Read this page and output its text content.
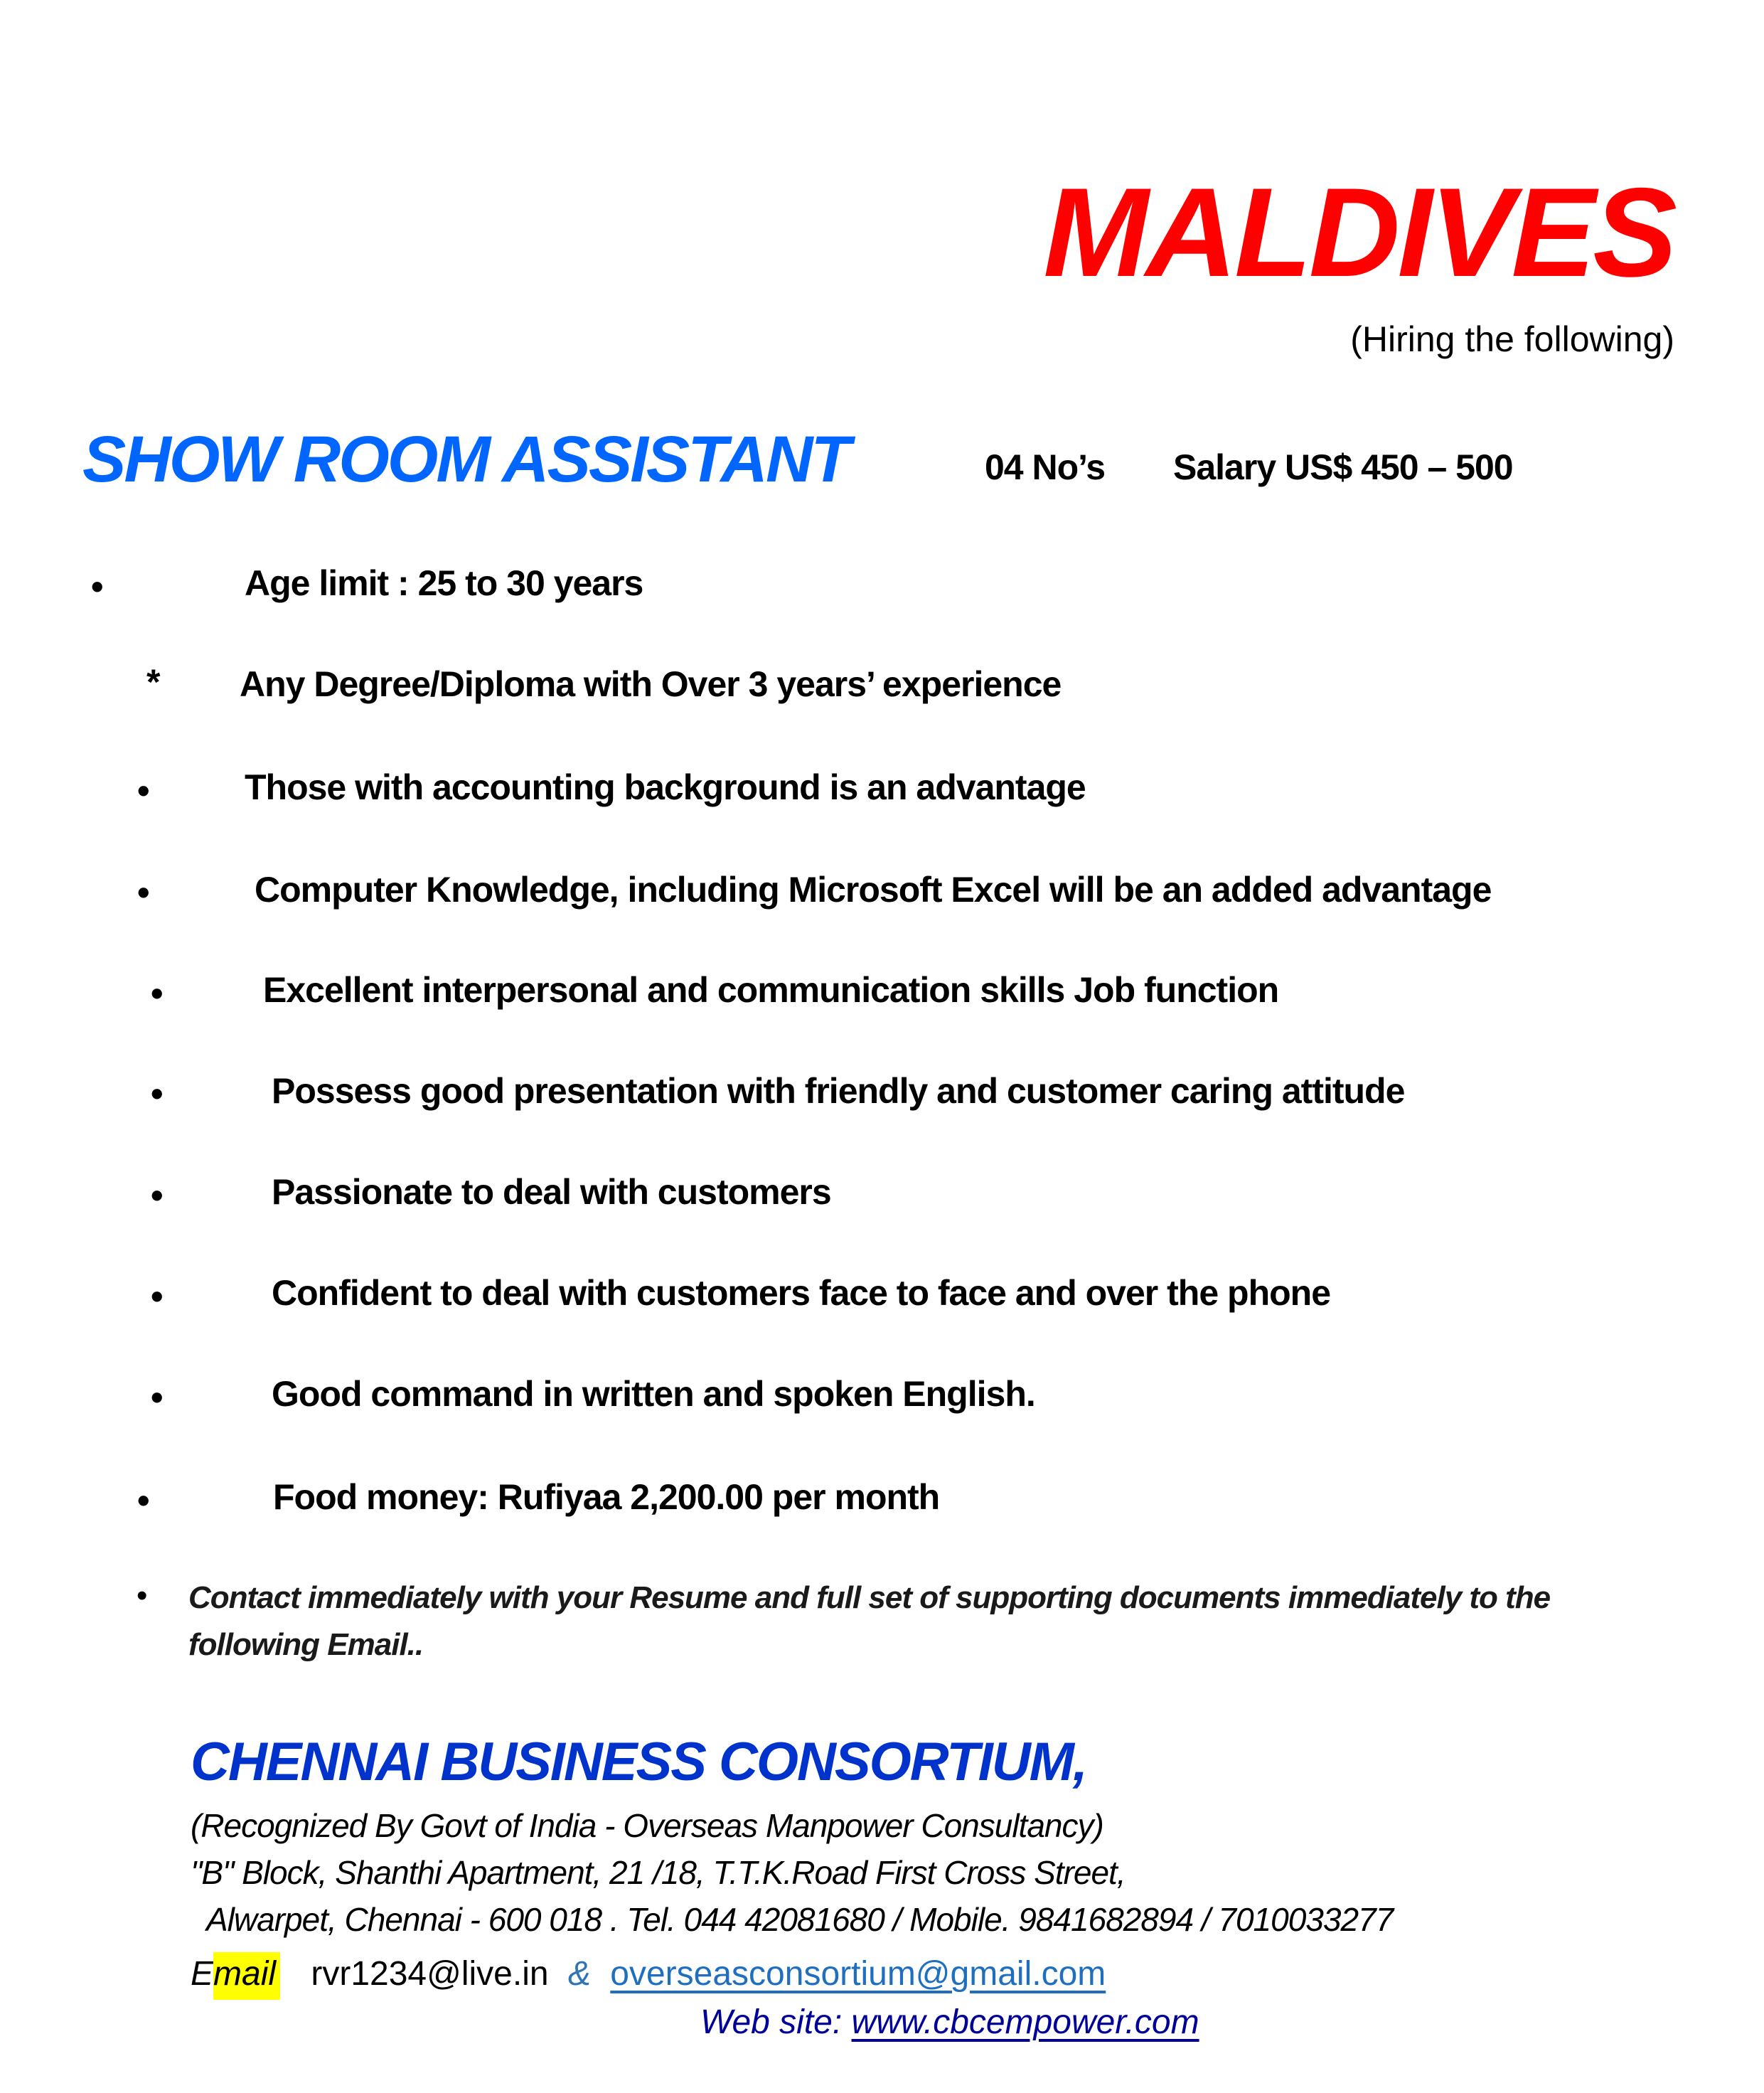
MALDIVES
(Hiring the following)
SHOW ROOM ASSISTANT	04 No’s Salary US$ 450 – 500
•	Age limit : 25 to 30 years
* Any Degree/Diploma with Over 3 years’ experience
•	Those with accounting background is an advantage
•	Computer Knowledge, including Microsoft Excel will be an added advantage
•	Excellent interpersonal and communication skills Job function
•	Possess good presentation with friendly and customer caring attitude
•	Passionate to deal with customers
•	Confident to deal with customers face to face and over the phone
•	Good command in written and spoken English.
•	Food money: Rufiyaa 2,200.00 per month
• Contact immediately with your Resume and full set of supporting documents immediately to the following Email..
CHENNAI BUSINESS CONSORTIUM,
(Recognized By Govt of India - Overseas Manpower Consultancy)
"B" Block, Shanthi Apartment, 21 /18, T.T.K.Road First Cross Street,
Alwarpet, Chennai - 600 018 . Tel. 044 42081680 / Mobile. 9841682894 / 7010033277
Email rvr1234@live.in & overseasconsortium@gmail.com
Web site: www.cbcempower.com
